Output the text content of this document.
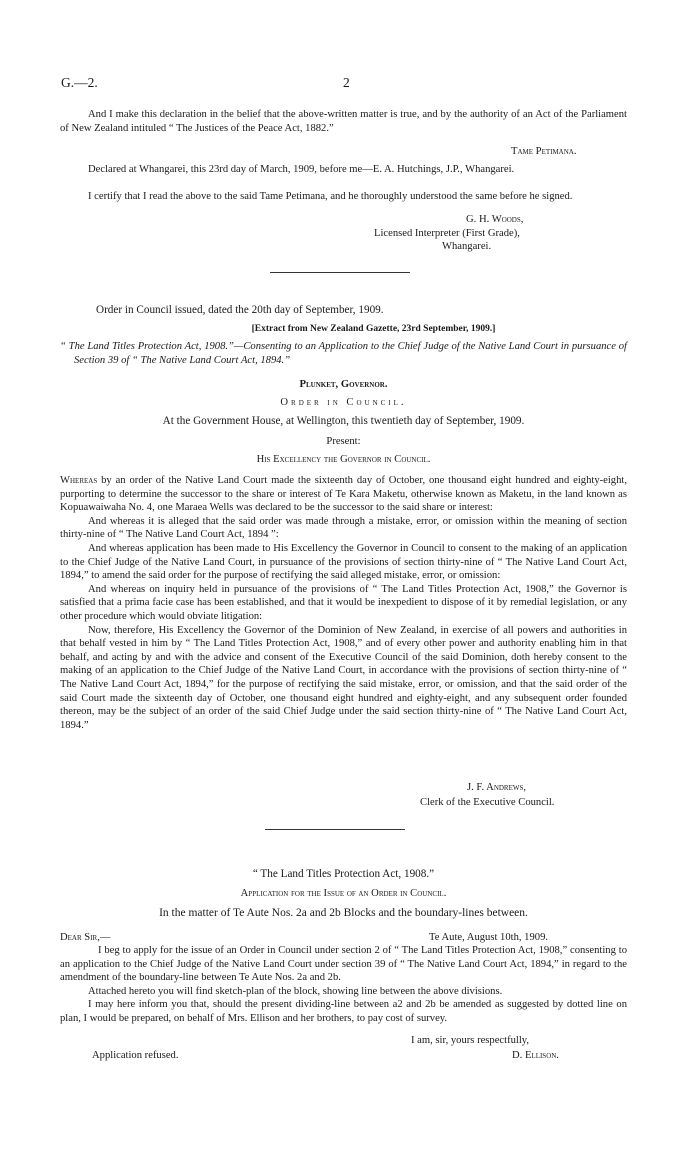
G.—2.	2

And I make this declaration in the belief that the above-written matter is true, and by the authority of an Act of the Parliament of New Zealand intituled “ The Justices of the Peace Act, 1882.”

Tame Petimana.

Declared at Whangarei, this 23rd day of March, 1909, before me—E. A. Hutchings, J.P., Whangarei.

I certify that I read the above to the said Tame Petimana, and he thoroughly understood the same before he signed.

G. H. Woods,
Licensed Interpreter (First Grade),
Whangarei.
Order in Council issued, dated the 20th day of September, 1909.
[Extract from New Zealand Gazette, 23rd September, 1909.]
“ The Land Titles Protection Act, 1908.”—Consenting to an Application to the Chief Judge of the Native Land Court in pursuance of Section 39 of “ The Native Land Court Act, 1894.”
Plunket, Governor.
Order in Council.
At the Government House, at Wellington, this twentieth day of September, 1909.
Present:
His Excellency the Governor in Council.

Whereas by an order of the Native Land Court made the sixteenth day of October, one thousand eight hundred and eighty-eight, purporting to determine the successor to the share or interest of Te Kara Maketu, otherwise known as Maketu, in the land known as Kopuawaiwaha No. 4, one Maraea Wells was declared to be the successor to the said share or interest:

And whereas it is alleged that the said order was made through a mistake, error, or omission within the meaning of section thirty-nine of “ The Native Land Court Act, 1894 ”:

And whereas application has been made to His Excellency the Governor in Council to consent to the making of an application to the Chief Judge of the Native Land Court, in pursuance of the provisions of section thirty-nine of “ The Native Land Court Act, 1894,” to amend the said order for the purpose of rectifying the said alleged mistake, error, or omission:

And whereas on inquiry held in pursuance of the provisions of “ The Land Titles Protection Act, 1908,” the Governor is satisfied that a prima facie case has been established, and that it would be inexpedient to dispose of it by remedial legislation, or any other procedure which would obviate litigation:

Now, therefore, His Excellency the Governor of the Dominion of New Zealand, in exercise of all powers and authorities in that behalf vested in him by “ The Land Titles Protection Act, 1908,” and of every other power and authority enabling him in that behalf, and acting by and with the advice and consent of the Executive Council of the said Dominion, doth hereby consent to the making of an application to the Chief Judge of the Native Land Court, in accordance with the provisions of section thirty-nine of “ The Native Land Court Act, 1894,” for the purpose of rectifying the said mistake, error, or omission, and that the said order of the said Court made the sixteenth day of October, one thousand eight hundred and eighty-eight, and any subsequent order founded thereon, may be the subject of an order of the said Chief Judge under the said section thirty-nine of “ The Native Land Court Act, 1894.”

J. F. Andrews,
Clerk of the Executive Council.
“ The Land Titles Protection Act, 1908.”
Application for the Issue of an Order in Council.
In the matter of Te Aute Nos. 2a and 2b Blocks and the boundary-lines between.
Dear Sir,—	Te Aute, August 10th, 1909.

I beg to apply for the issue of an Order in Council under section 2 of “ The Land Titles Protection Act, 1908,” consenting to an application to the Chief Judge of the Native Land Court under section 39 of “ The Native Land Court Act, 1894,” in regard to the amendment of the boundary-line between Te Aute Nos. 2a and 2b.

Attached hereto you will find sketch-plan of the block, showing line between the above divisions.

I may here inform you that, should the present dividing-line between a2 and 2b be amended as suggested by dotted line on plan, I would be prepared, on behalf of Mrs. Ellison and her brothers, to pay cost of survey.

I am, sir, yours respectfully,
Application refused.	D. Ellison.
